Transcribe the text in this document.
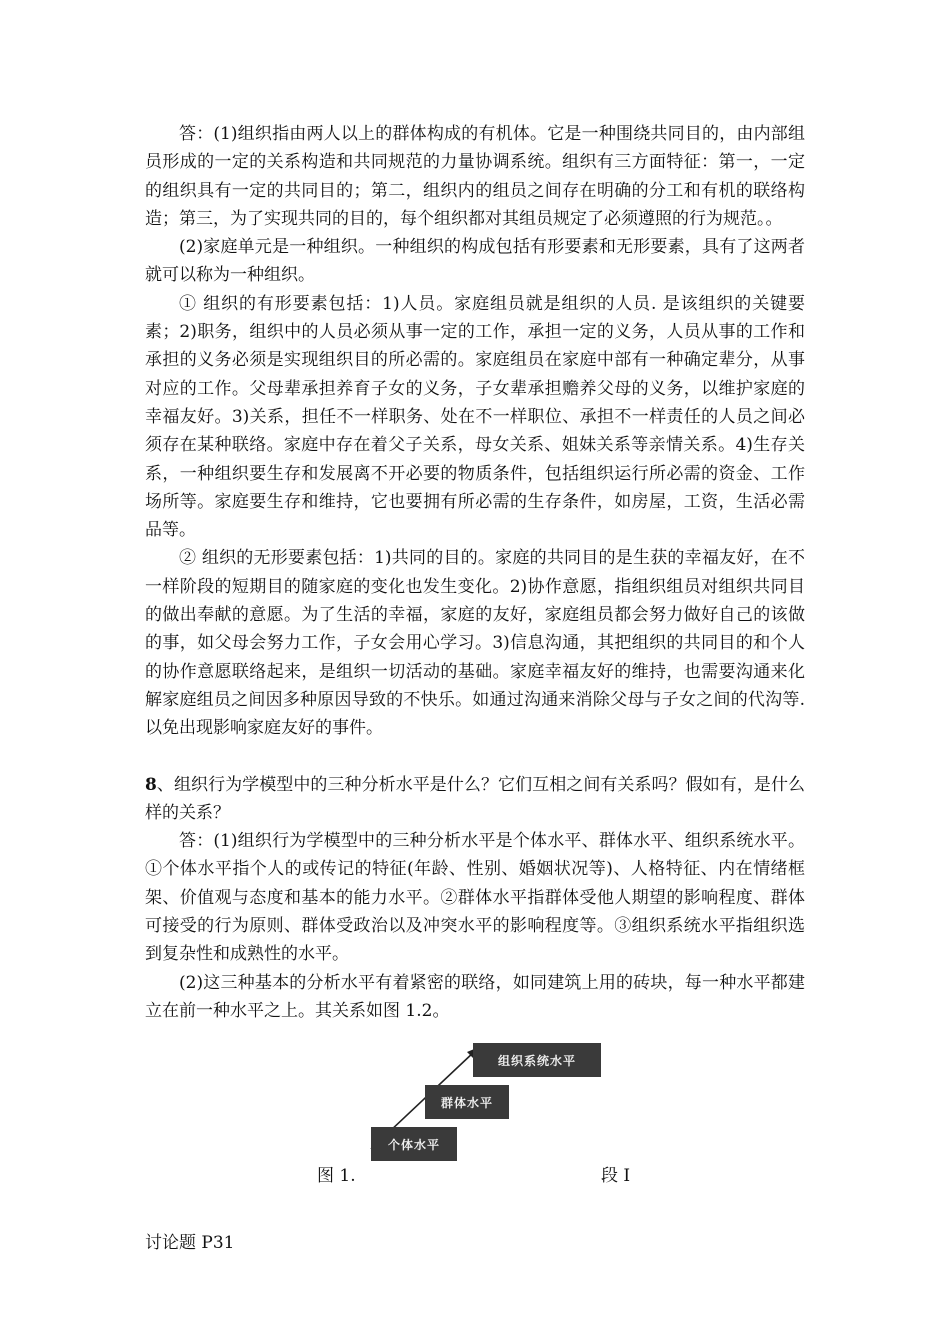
答：(1)组织指由两人以上的群体构成的有机体。它是一种围绕共同目的，由内部组员形成的一定的关系构造和共同规范的力量协调系统。组织有三方面特征：第一，一定的组织具有一定的共同目的；第二，组织内的组员之间存在明确的分工和有机的联络构造；第三，为了实现共同的目的，每个组织都对其组员规定了必须遵照的行为规范。。

(2)家庭单元是一种组织。一种组织的构成包括有形要素和无形要素，具有了这两者就可以称为一种组织。

① 组织的有形要素包括：1)人员。家庭组员就是组织的人员. 是该组织的关键要素；2)职务，组织中的人员必须从事一定的工作，承担一定的义务，人员从事的工作和承担的义务必须是实现组织目的所必需的。家庭组员在家庭中部有一种确定辈分，从事对应的工作。父母辈承担养育子女的义务，子女辈承担赡养父母的义务，以维护家庭的幸福友好。3)关系，担任不一样职务、处在不一样职位、承担不一样责任的人员之间必须存在某种联络。家庭中存在着父子关系，母女关系、姐妹关系等亲情关系。4)生存关系，一种组织要生存和发展离不开必要的物质条件，包括组织运行所必需的资金、工作场所等。家庭要生存和维持，它也要拥有所必需的生存条件，如房屋，工资，生活必需品等。

② 组织的无形要素包括：1)共同的目的。家庭的共同目的是生获的幸福友好，在不一样阶段的短期目的随家庭的变化也发生变化。2)协作意愿，指组织组员对组织共同目的做出奉献的意愿。为了生活的幸福，家庭的友好，家庭组员都会努力做好自己的该做的事，如父母会努力工作，子女会用心学习。3)信息沟通，其把组织的共同目的和个人的协作意愿联络起来，是组织一切活动的基础。家庭幸福友好的维持，也需要沟通来化解家庭组员之间因多种原因导致的不快乐。如通过沟通来消除父母与子女之间的代沟等. 以免出现影响家庭友好的事件。

8、组织行为学模型中的三种分析水平是什么？它们互相之间有关系吗？假如有，是什么样的关系？

答：(1)组织行为学模型中的三种分析水平是个体水平、群体水平、组织系统水平。①个体水平指个人的或传记的特征(年龄、性别、婚姻状况等)、人格特征、内在情绪框架、价值观与态度和基本的能力水平。②群体水平指群体受他人期望的影响程度、群体可接受的行为原则、群体受政治以及冲突水平的影响程度等。③组织系统水平指组织选到复杂性和成熟性的水平。

(2)这三种基本的分析水平有着紧密的联络，如同建筑上用的砖块，每一种水平都建立在前一种水平之上。其关系如图 1.2。

组织系统水平
群体水平
个体水平
图 1.	段 I

讨论题 P31
